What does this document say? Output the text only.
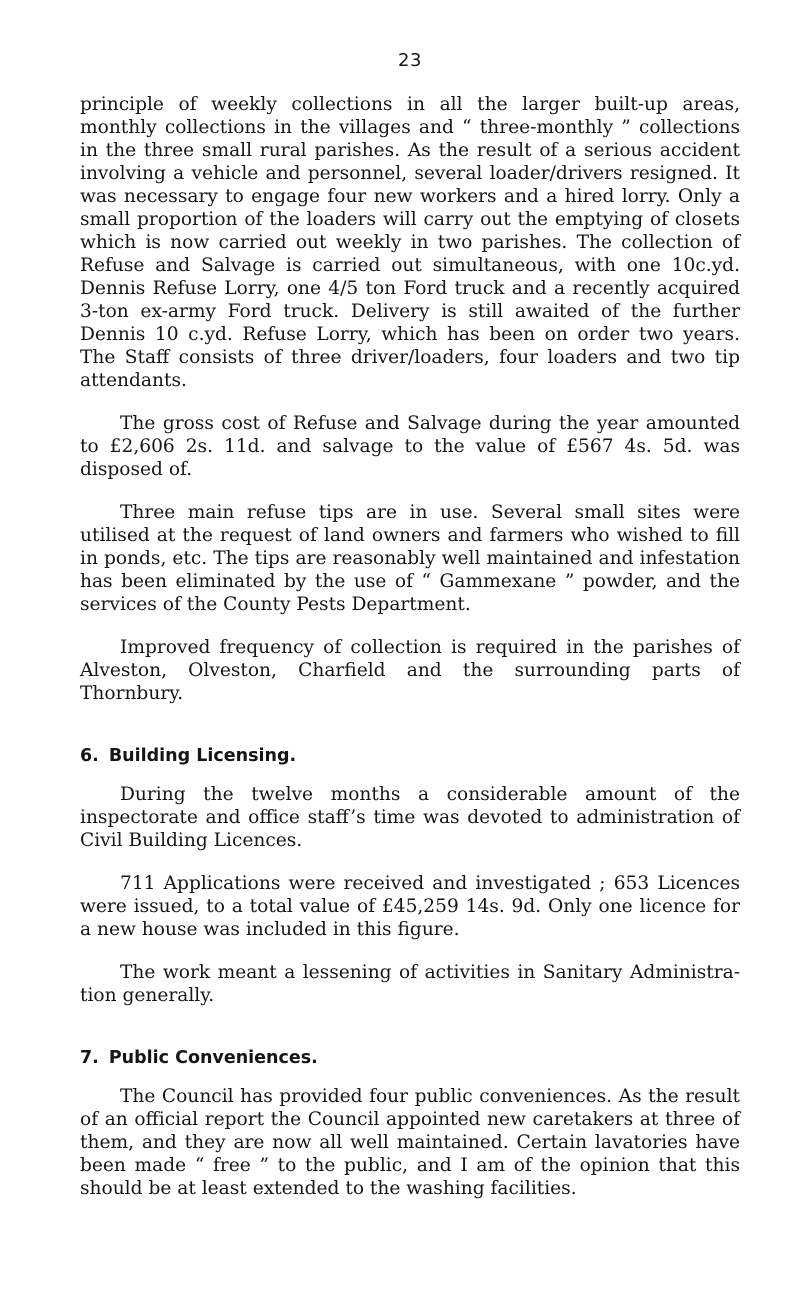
23

principle of weekly collections in all the larger built-up areas, monthly collections in the villages and “ three-monthly ” collections in the three small rural parishes. As the result of a serious accident involving a vehicle and personnel, several loader/drivers resigned. It was necessary to engage four new workers and a hired lorry. Only a small proportion of the loaders will carry out the emptying of closets which is now carried out weekly in two parishes. The collection of Refuse and Salvage is carried out simultaneous, with one 10c.yd. Dennis Refuse Lorry, one 4/5 ton Ford truck and a recently acquired 3-ton ex-army Ford truck. Delivery is still awaited of the further Dennis 10 c.yd. Refuse Lorry, which has been on order two years. The Staff consists of three driver/loaders, four loaders and two tip attendants.

The gross cost of Refuse and Salvage during the year amounted to £2,606 2s. 11d. and salvage to the value of £567 4s. 5d. was disposed of.

Three main refuse tips are in use. Several small sites were utilised at the request of land owners and farmers who wished to fill in ponds, etc. The tips are reasonably well maintained and infestation has been eliminated by the use of “ Gammexane ” powder, and the services of the County Pests Department.

Improved frequency of collection is required in the parishes of Alveston, Olveston, Charfield and the surrounding parts of Thornbury.

6. Building Licensing.

During the twelve months a considerable amount of the inspectorate and office staff’s time was devoted to administration of Civil Building Licences.

711 Applications were received and investigated ; 653 Licences were issued, to a total value of £45,259 14s. 9d. Only one licence for a new house was included in this figure.

The work meant a lessening of activities in Sanitary Administra- tion generally.

7. Public Conveniences.

The Council has provided four public conveniences. As the result of an official report the Council appointed new caretakers at three of them, and they are now all well maintained. Certain lavatories have been made “ free ” to the public, and I am of the opinion that this should be at least extended to the washing facilities.
